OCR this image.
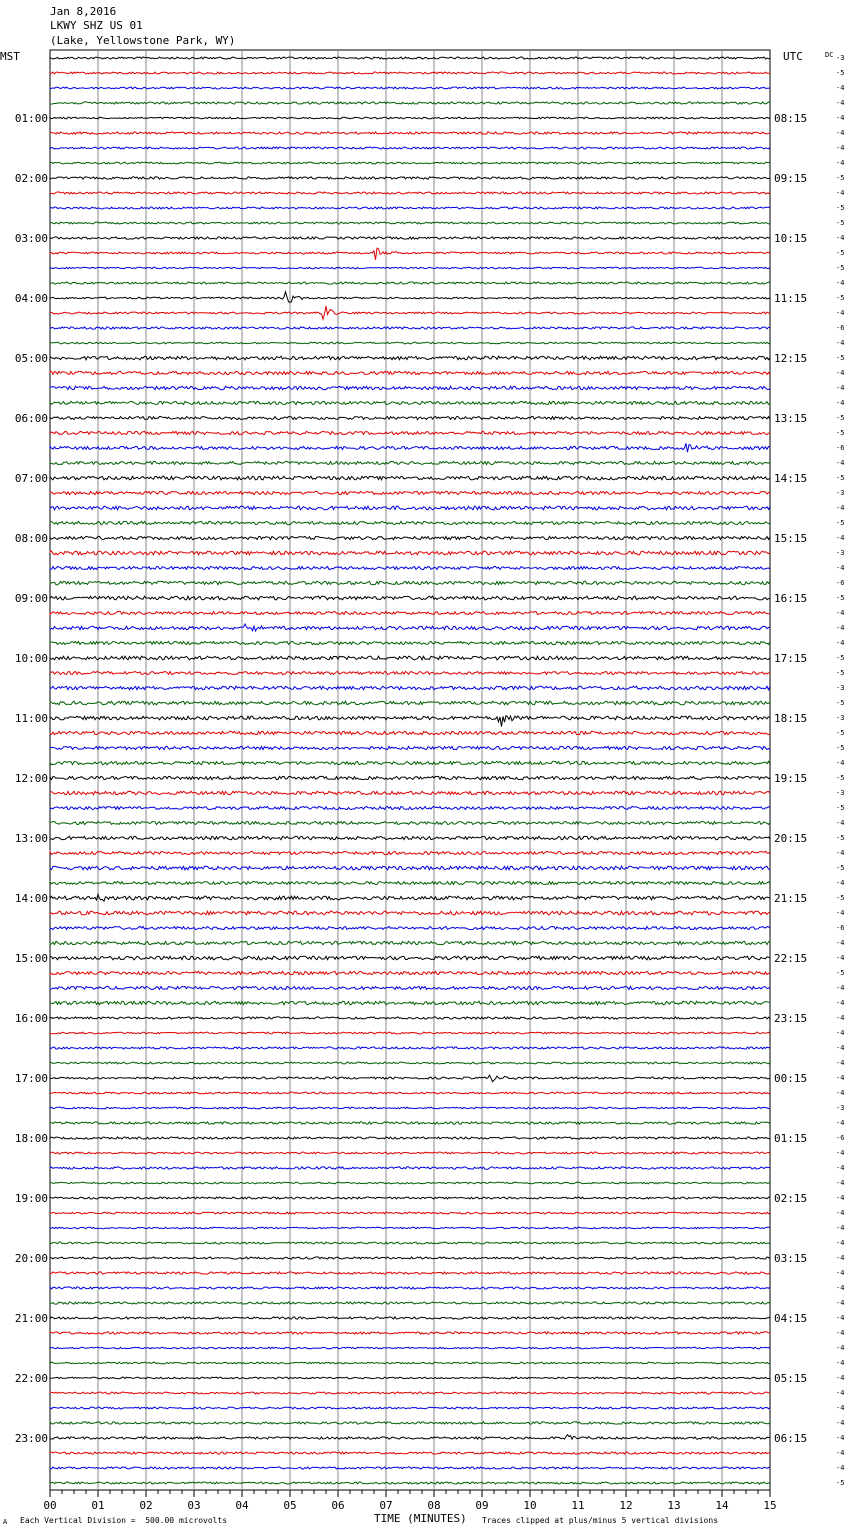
Jan 8,2016
LKWY SHZ US 01
(Lake, Yellowstone Park, WY)
MST	UTC
01:00
02:00
03:00
04:00
05:00
06:00
07:00
08:00
09:00
10:00
11:00
12:00
13:00
14:00
15:00
16:00
17:00
18:00
19:00
20:00
21:00
22:00
23:00
08:15
09:15
10:15
11:15
12:15
13:15
14:15
15:15
16:15
17:15
18:15
19:15
20:15
21:15
22:15
23:15
00:15
01:15
02:15
03:15
04:15
05:15
06:15
DC -3
-5
-4
-4
-4
-4
-4
-4
-5
-4
-5
-5
-4
-5
-5
-4
-5
-4
-6
-4
-5
-4
-4
-4
-5
-5
-6
-4
-5
-3
-4
-5
-4
-3
-4
-6
-5
-4
-4
-4
-5
-5
-3
-5
-3
-5
-5
-4
-5
-3
-5
-4
-5
-4
-5
-4
-5
-4
-6
-4
-4
-5
-4
-4
-4
-4
-4
-4
-4
-4
-3
-4
-6
-4
-4
-4
-4
-4
-4
-4
-4
-4
-4
-4
-4
-4
-4
-4
-4
-4
-4
-4
-4
-4
-4
-5
00	01	02	03	04	05	06	07	08	09	10	11	12	13	14	15
A Each Vertical Division =  500.00 microvolts	TIME (MINUTES) Traces clipped at plus/minus 5 vertical divisions
